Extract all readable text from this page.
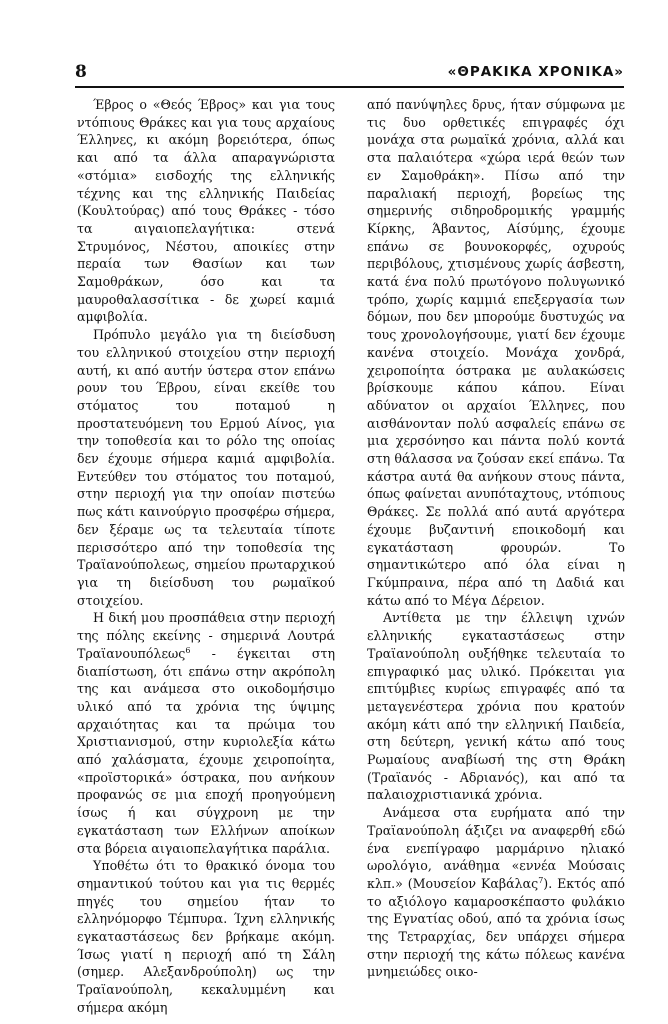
8	«ΘΡΑΚΙΚΑ ΧΡΟΝΙΚΑ»

Έβρος ο «Θεός Έβρος» και για τους ντόπιους Θράκες και για τους αρχαίους Έλληνες, κι ακόμη βορειότερα, όπως και από τα άλλα απαραγνώριστα «στόμια» εισδοχής της ελληνικής τέχνης και της ελληνικής Παιδείας (Κουλτούρας) από τους Θράκες - τόσο τα αιγαιοπελαγήτικα: στενά Στρυμόνος, Νέστου, αποικίες στην περαία των Θασίων και των Σαμοθράκων, όσο και τα μαυροθαλασσίτικα - δε χωρεί καμιά αμφιβολία.

Πρόπυλο μεγάλο για τη διείσδυση του ελληνικού στοιχείου στην περιοχή αυτή, κι από αυτήν ύστερα στον επάνω ρουν του Έβρου, είναι εκείθε του στόματος του ποταμού η προστατευόμενη του Ερμού Αίνος, για την τοποθεσία και το ρόλο της οποίας δεν έχουμε σήμερα καμιά αμφιβολία. Εντεύθεν του στόματος του ποταμού, στην περιοχή για την οποίαν πιστεύω πως κάτι καινούργιο προσφέρω σήμερα, δεν ξέραμε ως τα τελευταία τίποτε περισσότερο από την τοποθεσία της Τραϊανούπολεως, σημείου πρωταρχικού για τη διείσδυση του ρωμαϊκού στοιχείου.

Η δική μου προσπάθεια στην περιοχή της πόλης εκείνης - σημερινά Λουτρά Τραϊανουπόλεως$^6$ - έγκειται στη διαπίστωση, ότι επάνω στην ακρόπολη της και ανάμεσα στο οικοδομήσιμο υλικό από τα χρόνια της ύψιμης αρχαιότητας και τα πρώιμα του Χριστιανισμού, στην κυριολεξία κάτω από χαλάσματα, έχουμε χειροποίητα, «προϊστορικά» όστρακα, που ανήκουν προφανώς σε μια εποχή προηγούμενη ίσως ή και σύγχρονη με την εγκατάσταση των Ελλήνων αποίκων στα βόρεια αιγαιοπελαγήτικα παράλια.

Υποθέτω ότι το θρακικό όνομα του σημαντικού τούτου και για τις θερμές πηγές του σημείου ήταν το ελληνόμορφο Τέμπυρα. Ίχνη ελληνικής εγκαταστάσεως δεν βρήκαμε ακόμη. Ίσως γιατί η περιοχή από τη Σάλη (σημερ. Αλεξανδρούπολη) ως την Τραϊανούπολη, κεκαλυμμένη και σήμερα ακόμη

από πανύψηλες δρυς, ήταν σύμφωνα με τις δυο ορθετικές επιγραφές όχι μονάχα στα ρωμαϊκά χρόνια, αλλά και στα παλαιότερα «χώρα ιερά θεών των εν Σαμοθράκη». Πίσω από την παραλιακή περιοχή, βορείως της σημερινής σιδηροδρομικής γραμμής Κίρκης, Άβαντος, Αίσύμης, έχουμε επάνω σε βουνοκορφές, οχυρούς περιβόλους, χτισμένους χωρίς άσβεστη, κατά ένα πολύ πρωτόγονο πολυγωνικό τρόπο, χωρίς καμμιά επεξεργασία των δόμων, που δεν μπορούμε δυστυχώς να τους χρονολογήσουμε, γιατί δεν έχουμε κανένα στοιχείο. Μονάχα χονδρά, χειροποίητα όστρακα με αυλακώσεις βρίσκουμε κάπου κάπου. Είναι αδύνατον οι αρχαίοι Έλληνες, που αισθάνονταν πολύ ασφαλείς επάνω σε μια χερσόνησο και πάντα πολύ κοντά στη θάλασσα να ζούσαν εκεί επάνω. Τα κάστρα αυτά θα ανήκουν στους πάντα, όπως φαίνεται ανυπόταχτους, ντόπιους Θράκες. Σε πολλά από αυτά αργότερα έχουμε βυζαντινή εποικοδομή και εγκατάσταση φρουρών. Το σημαντικώτερο από όλα είναι η Γκύμπραινα, πέρα από τη Δαδιά και κάτω από το Μέγα Δέρειον.

Αντίθετα με την έλλειψη ιχνών ελληνικής εγκαταστάσεως στην Τραϊανούπολη ουξήθηκε τελευταία το επιγραφικό μας υλικό. Πρόκειται για επιτύμβιες κυρίως επιγραφές από τα μεταγενέστερα χρόνια που κρατούν ακόμη κάτι από την ελληνική Παιδεία, στη δεύτερη, γενική κάτω από τους Ρωμαίους αναβίωσή της στη Θράκη (Τραϊανός - Αδριανός), και από τα παλαιοχριστιανικά χρόνια.

Ανάμεσα στα ευρήματα από την Τραϊανούπολη άξιζει να αναφερθή εδώ ένα ενεπίγραφο μαρμάρινο ηλιακό ωρολόγιο, ανάθημα «εννέα Μούσαις κλπ.» (Μουσείον Καβάλας$^7$). Εκτός από το αξιόλογο καμαροσκέπαστο φυλάκιο της Εγνατίας οδού, από τα χρόνια ίσως της Τετραρχίας, δεν υπάρχει σήμερα στην περιοχή της κάτω πόλεως κανένα μνημειώδες οικο-
